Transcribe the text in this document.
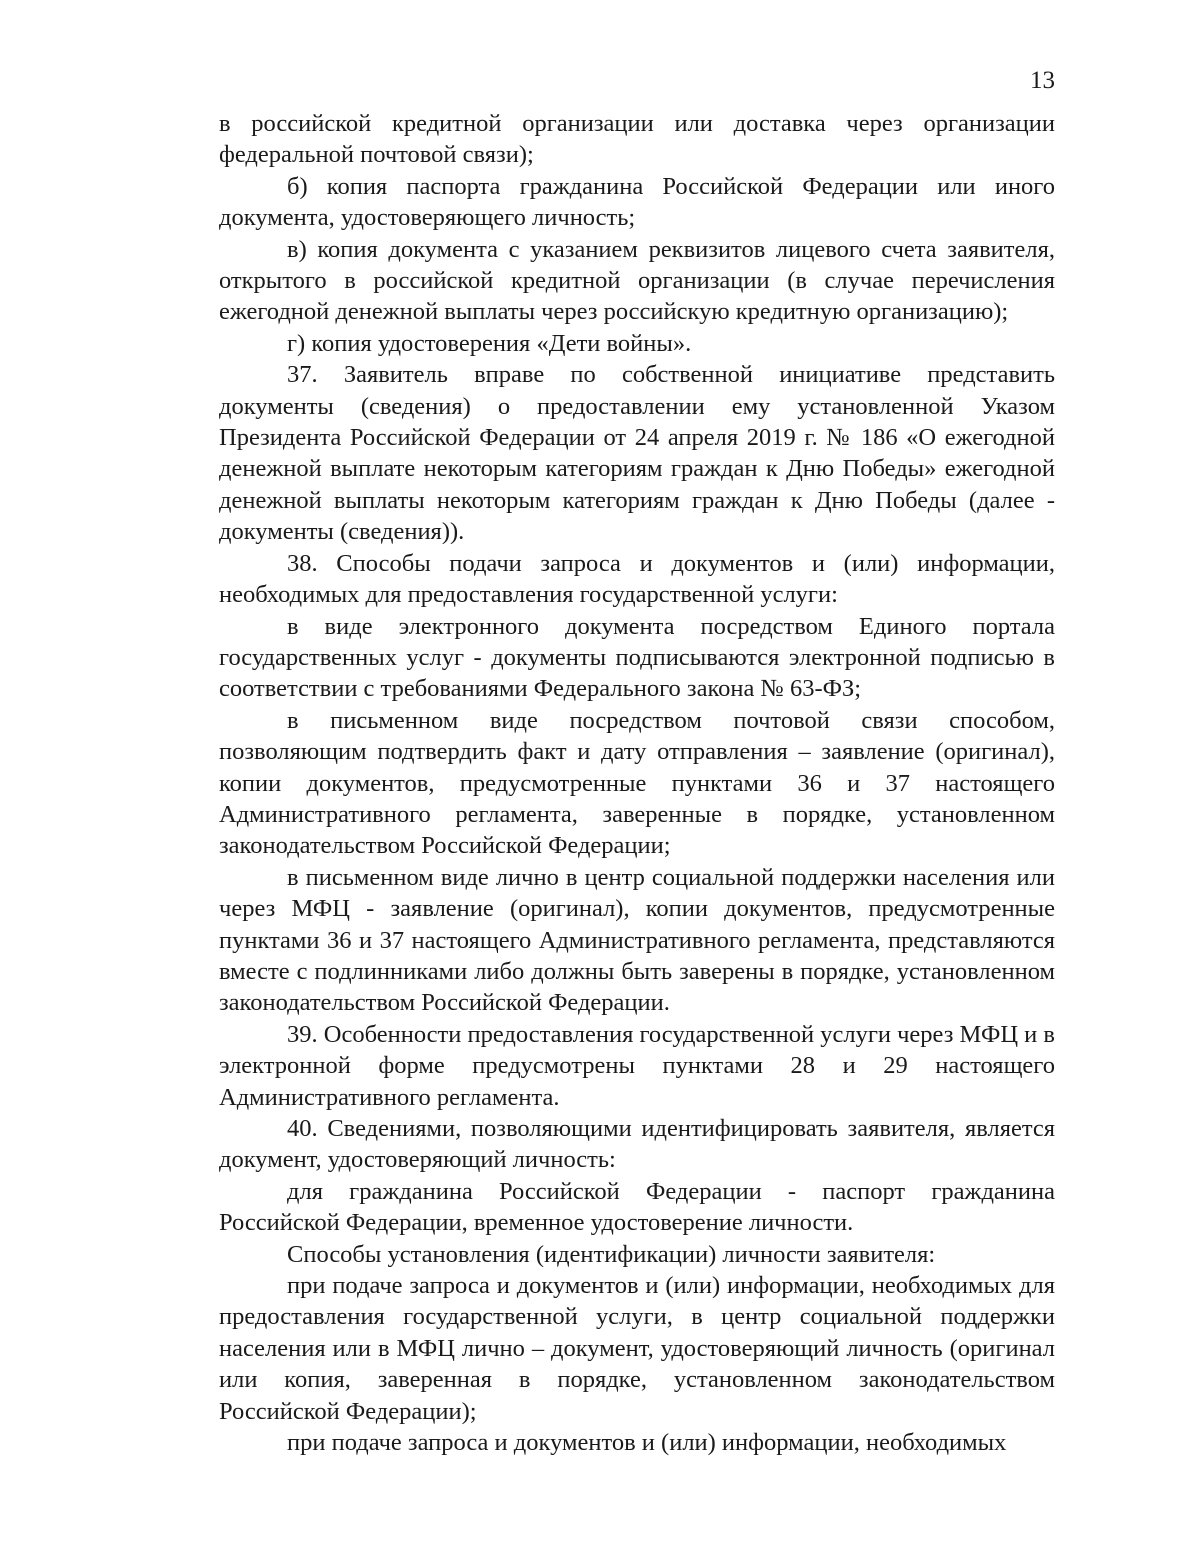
13

в российской кредитной организации или доставка через организации федеральной почтовой связи);

б) копия паспорта гражданина Российской Федерации или иного документа, удостоверяющего личность;

в) копия документа с указанием реквизитов лицевого счета заявителя, открытого в российской кредитной организации (в случае перечисления ежегодной денежной выплаты через российскую кредитную организацию);

г) копия удостоверения «Дети войны».

37. Заявитель вправе по собственной инициативе представить документы (сведения) о предоставлении ему установленной Указом Президента Российской Федерации от 24 апреля 2019 г. № 186 «О ежегодной денежной выплате некоторым категориям граждан к Дню Победы» ежегодной денежной выплаты некоторым категориям граждан к Дню Победы (далее - документы (сведения)).

38. Способы подачи запроса и документов и (или) информации, необходимых для предоставления государственной услуги:

в виде электронного документа посредством Единого портала государственных услуг - документы подписываются электронной подписью в соответствии с требованиями Федерального закона № 63-ФЗ;

в письменном виде посредством почтовой связи способом, позволяющим подтвердить факт и дату отправления – заявление (оригинал), копии документов, предусмотренные пунктами 36 и 37 настоящего Административного регламента, заверенные в порядке, установленном законодательством Российской Федерации;

в письменном виде лично в центр социальной поддержки населения или через МФЦ - заявление (оригинал), копии документов, предусмотренные пунктами 36 и 37 настоящего Административного регламента, представляются вместе с подлинниками либо должны быть заверены в порядке, установленном законодательством Российской Федерации.

39. Особенности предоставления государственной услуги через МФЦ и в электронной форме предусмотрены пунктами 28 и 29 настоящего Административного регламента.

40. Сведениями, позволяющими идентифицировать заявителя, является документ, удостоверяющий личность:

для гражданина Российской Федерации - паспорт гражданина Российской Федерации, временное удостоверение личности.

Способы установления (идентификации) личности заявителя:

при подаче запроса и документов и (или) информации, необходимых для предоставления государственной услуги, в центр социальной поддержки населения или в МФЦ лично – документ, удостоверяющий личность (оригинал или копия, заверенная в порядке, установленном законодательством Российской Федерации);

при подаче запроса и документов и (или) информации, необходимых
